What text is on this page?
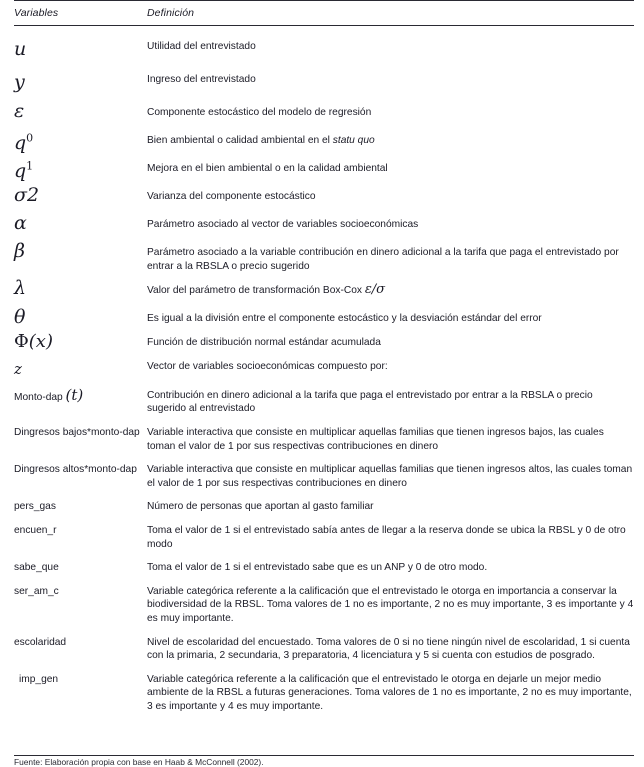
Variables	Definición
u	Utilidad del entrevistado
y	Ingreso del entrevistado
ε	Componente estocástico del modelo de regresión
$q^0$	Bien ambiental o calidad ambiental en el statu quo
$q^1$	Mejora en el bien ambiental o en la calidad ambiental
σ2	Varianza del componente estocástico
α	Parámetro asociado al vector de variables socioeconómicas
β	Parámetro asociado a la variable contribución en dinero adicional a la tarifa que paga el entrevistado por entrar a la RBSLA o precio sugerido
λ	Valor del parámetro de transformación Box-Cox ε/σ
θ	Es igual a la división entre el componente estocástico y la desviación estándar del error
Φ(x)	Función de distribución normal estándar acumulada
z	Vector de variables socioeconómicas compuesto por:
Monto-dap (t)	Contribución en dinero adicional a la tarifa que paga el entrevistado por entrar a la RBSLA o precio sugerido al entrevistado
Dingresos bajos*monto-dap	Variable interactiva que consiste en multiplicar aquellas familias que tienen ingresos bajos, las cuales toman el valor de 1 por sus respectivas contribuciones en dinero
Dingresos altos*monto-dap	Variable interactiva que consiste en multiplicar aquellas familias que tienen ingresos altos, las cuales toman el valor de 1 por sus respectivas contribuciones en dinero
pers_gas	Número de personas que aportan al gasto familiar
encuen_r	Toma el valor de 1 si el entrevistado sabía antes de llegar a la reserva donde se ubica la RBSL y 0 de otro modo
sabe_que	Toma el valor de 1 si el entrevistado sabe que es un ANP y 0 de otro modo.
ser_am_c	Variable categórica referente a la calificación que el entrevistado le otorga en importancia a conservar la biodiversidad de la RBSL. Toma valores de 1 no es importante, 2 no es muy importante, 3 es importante y 4 es muy importante.
escolaridad	Nivel de escolaridad del encuestado. Toma valores de 0 si no tiene ningún nivel de escolaridad, 1 si cuenta con la primaria, 2 secundaria, 3 preparatoria, 4 licenciatura y 5 si cuenta con estudios de posgrado.
imp_gen	Variable categórica referente a la calificación que el entrevistado le otorga en dejarle un mejor medio ambiente de la RBSL a futuras generaciones. Toma valores de 1 no es importante, 2 no es muy importante, 3 es importante y 4 es muy importante.
Fuente: Elaboración propia con base en Haab & McConnell (2002).
